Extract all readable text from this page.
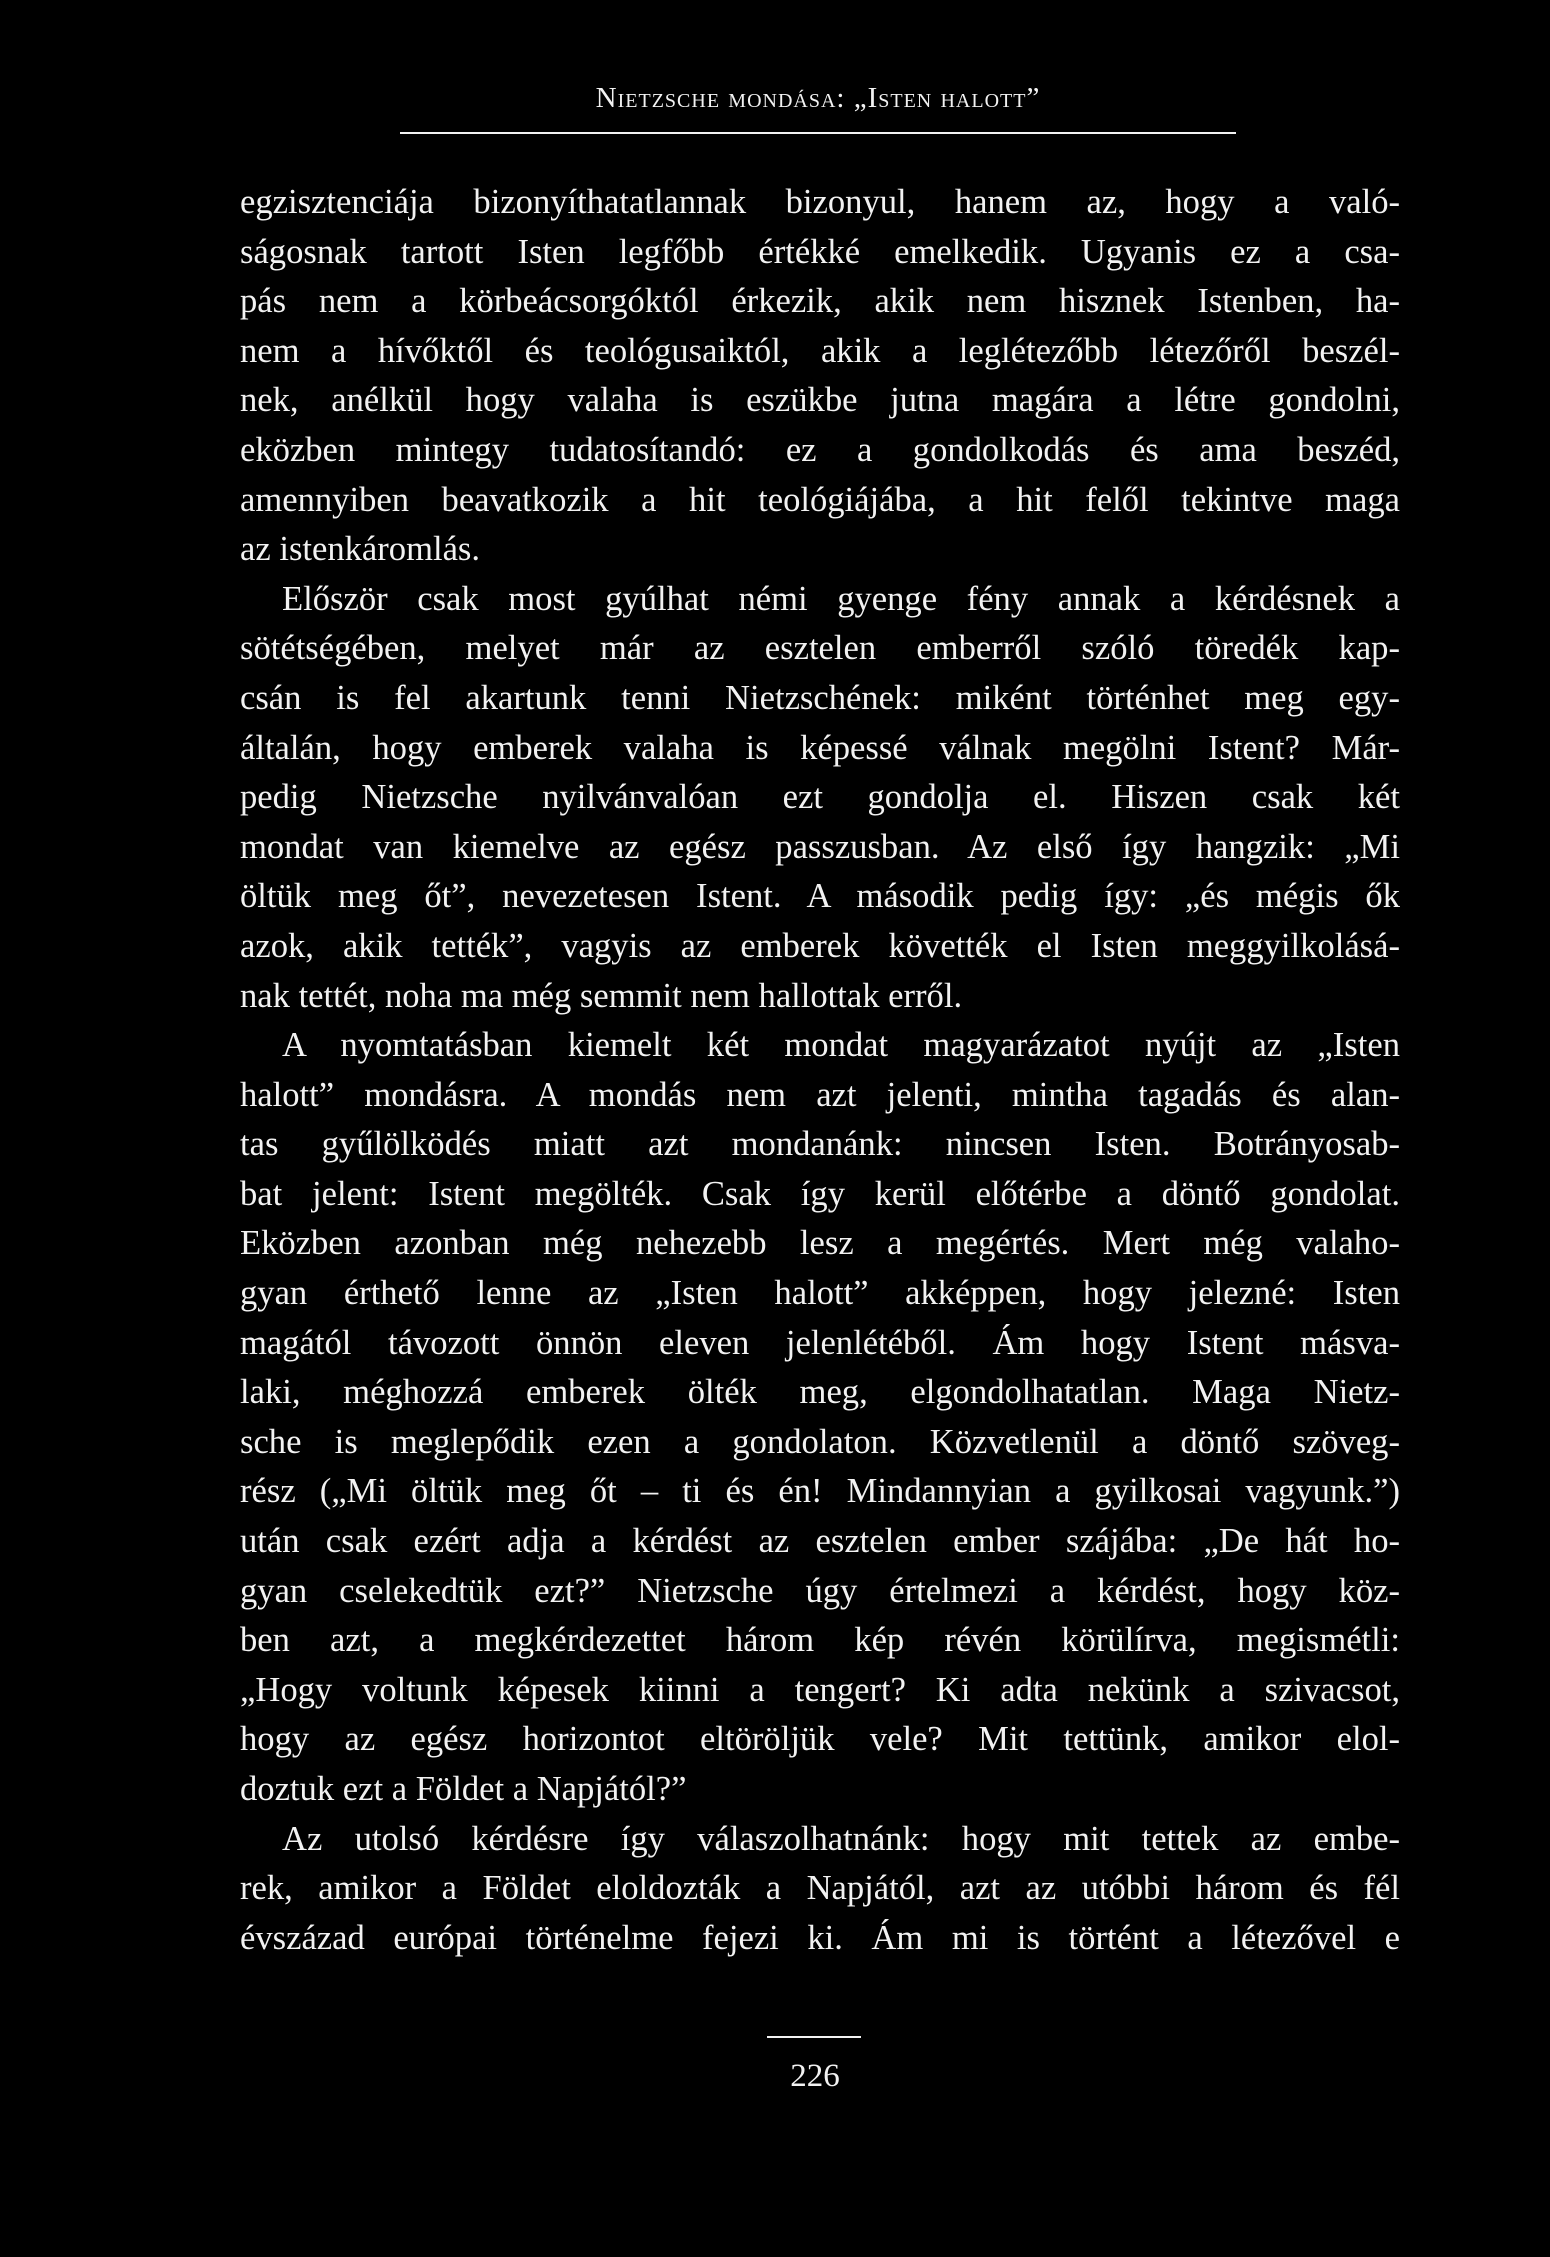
Nietzsche mondása: „Isten halott”
egzisztenciája bizonyíthatatlannak bizonyul, hanem az, hogy a való-
ságosnak tartott Isten legfőbb értékké emelkedik. Ugyanis ez a csa-
pás nem a körbeácsorgóktól érkezik, akik nem hisznek Istenben, ha-
nem a hívőktől és teológusaiktól, akik a leglétezőbb létezőről beszél-
nek, anélkül hogy valaha is eszükbe jutna magára a létre gondolni,
eközben mintegy tudatosítandó: ez a gondolkodás és ama beszéd,
amennyiben beavatkozik a hit teológiájába, a hit felől tekintve maga
az istenkáromlás.
Először csak most gyúlhat némi gyenge fény annak a kérdésnek a
sötétségében, melyet már az esztelen emberről szóló töredék kap-
csán is fel akartunk tenni Nietzschének: miként történhet meg egy-
általán, hogy emberek valaha is képessé válnak megölni Istent? Már-
pedig Nietzsche nyilvánvalóan ezt gondolja el. Hiszen csak két
mondat van kiemelve az egész passzusban. Az első így hangzik: „Mi
öltük meg őt”, nevezetesen Istent. A második pedig így: „és mégis ők
azok, akik tették”, vagyis az emberek követték el Isten meggyilkolásá-
nak tettét, noha ma még semmit nem hallottak erről.
A nyomtatásban kiemelt két mondat magyarázatot nyújt az „Isten
halott” mondásra. A mondás nem azt jelenti, mintha tagadás és alan-
tas gyűlölködés miatt azt mondanánk: nincsen Isten. Botrányosab-
bat jelent: Istent megölték. Csak így kerül előtérbe a döntő gondolat.
Eközben azonban még nehezebb lesz a megértés. Mert még valaho-
gyan érthető lenne az „Isten halott” akképpen, hogy jelezné: Isten
magától távozott önnön eleven jelenlétéből. Ám hogy Istent másva-
laki, méghozzá emberek ölték meg, elgondolhatatlan. Maga Nietz-
sche is meglepődik ezen a gondolaton. Közvetlenül a döntő szöveg-
rész („Mi öltük meg őt – ti és én! Mindannyian a gyilkosai vagyunk.”)
után csak ezért adja a kérdést az esztelen ember szájába: „De hát ho-
gyan cselekedtük ezt?” Nietzsche úgy értelmezi a kérdést, hogy köz-
ben azt, a megkérdezettet három kép révén körülírva, megismétli:
„Hogy voltunk képesek kiinni a tengert? Ki adta nekünk a szivacsot,
hogy az egész horizontot eltöröljük vele? Mit tettünk, amikor elol-
doztuk ezt a Földet a Napjától?”
Az utolsó kérdésre így válaszolhatnánk: hogy mit tettek az embe-
rek, amikor a Földet eloldozták a Napjától, azt az utóbbi három és fél
évszázad európai történelme fejezi ki. Ám mi is történt a létezővel e
226
